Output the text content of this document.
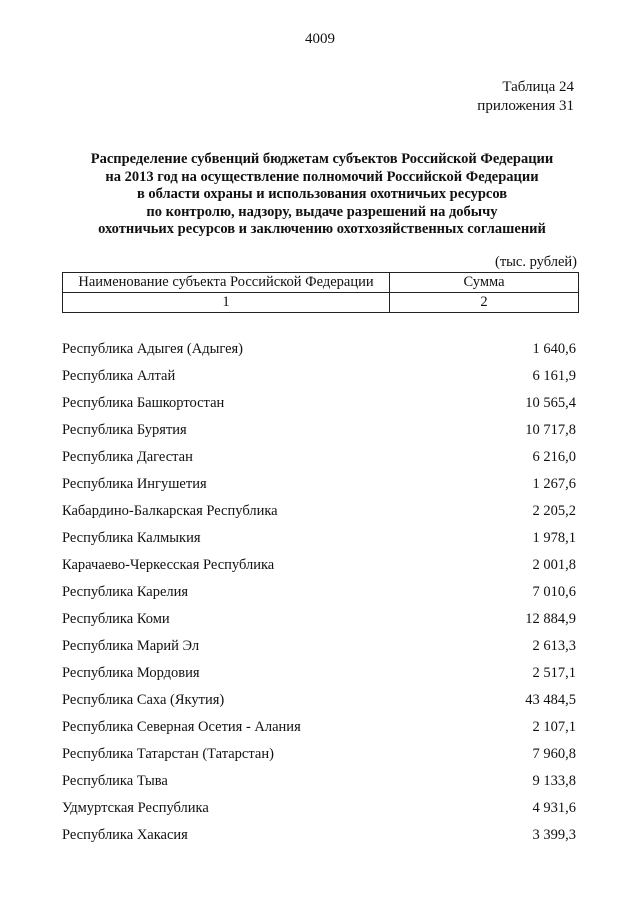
4009
Таблица 24
приложения 31
Распределение субвенций бюджетам субъектов Российской Федерации
на 2013 год на осуществление полномочий Российской Федерации
в области охраны и использования охотничьих ресурсов
по контролю, надзору, выдаче разрешений на добычу
охотничьих ресурсов и заключению охотхозяйственных соглашений
(тыс. рублей)
Наименование субъекта Российской Федерации	Сумма
1	2
Республика Адыгея (Адыгея)	1 640,6
Республика Алтай	6 161,9
Республика Башкортостан	10 565,4
Республика Бурятия	10 717,8
Республика Дагестан	6 216,0
Республика Ингушетия	1 267,6
Кабардино-Балкарская Республика	2 205,2
Республика Калмыкия	1 978,1
Карачаево-Черкесская Республика	2 001,8
Республика Карелия	7 010,6
Республика Коми	12 884,9
Республика Марий Эл	2 613,3
Республика Мордовия	2 517,1
Республика Саха (Якутия)	43 484,5
Республика Северная Осетия - Алания	2 107,1
Республика Татарстан (Татарстан)	7 960,8
Республика Тыва	9 133,8
Удмуртская Республика	4 931,6
Республика Хакасия	3 399,3
